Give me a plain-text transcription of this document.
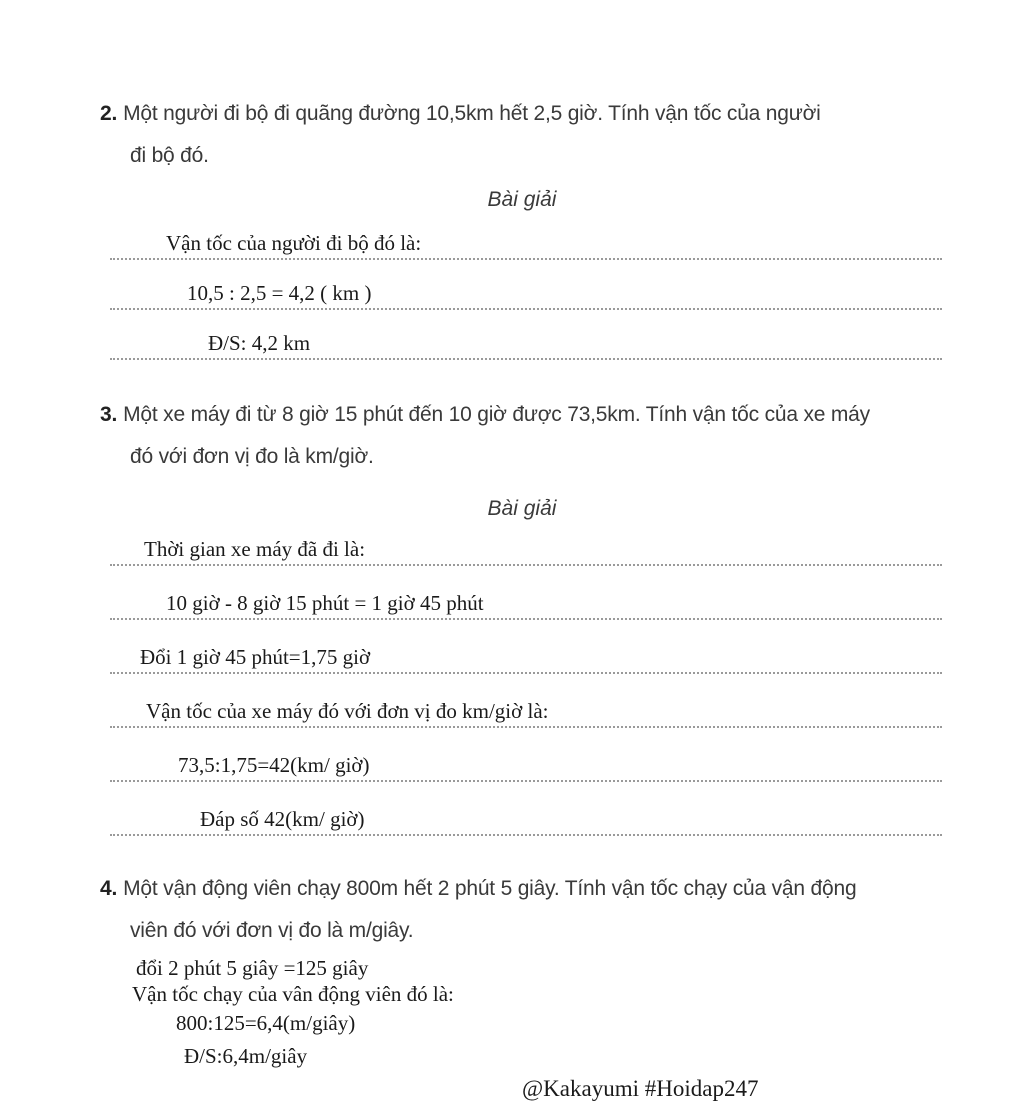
2. Một người đi bộ đi quãng đường 10,5km hết 2,5 giờ. Tính vận tốc của người
đi bộ đó.
Bài giải
Vận tốc của người đi bộ đó là:
10,5 : 2,5 = 4,2 ( km )
Đ/S: 4,2 km
3. Một xe máy đi từ 8 giờ 15 phút đến 10 giờ được 73,5km. Tính vận tốc của xe máy
đó với đơn vị đo là km/giờ.
Bài giải
Thời gian xe máy đã đi là:
10 giờ - 8 giờ 15 phút = 1 giờ 45 phút
Đổi 1 giờ 45 phút=1,75 giờ
Vận tốc của xe máy đó với đơn vị đo km/giờ là:
73,5:1,75=42(km/ giờ)
Đáp số 42(km/ giờ)
4. Một vận động viên chạy 800m hết 2 phút 5 giây. Tính vận tốc chạy của vận động
viên đó với đơn vị đo là m/giây.
đổi 2 phút 5 giây =125 giây
Vận tốc chạy của vân động viên đó là:
800:125=6,4(m/giây)
Đ/S:6,4m/giây
@Kakayumi #Hoidap247
